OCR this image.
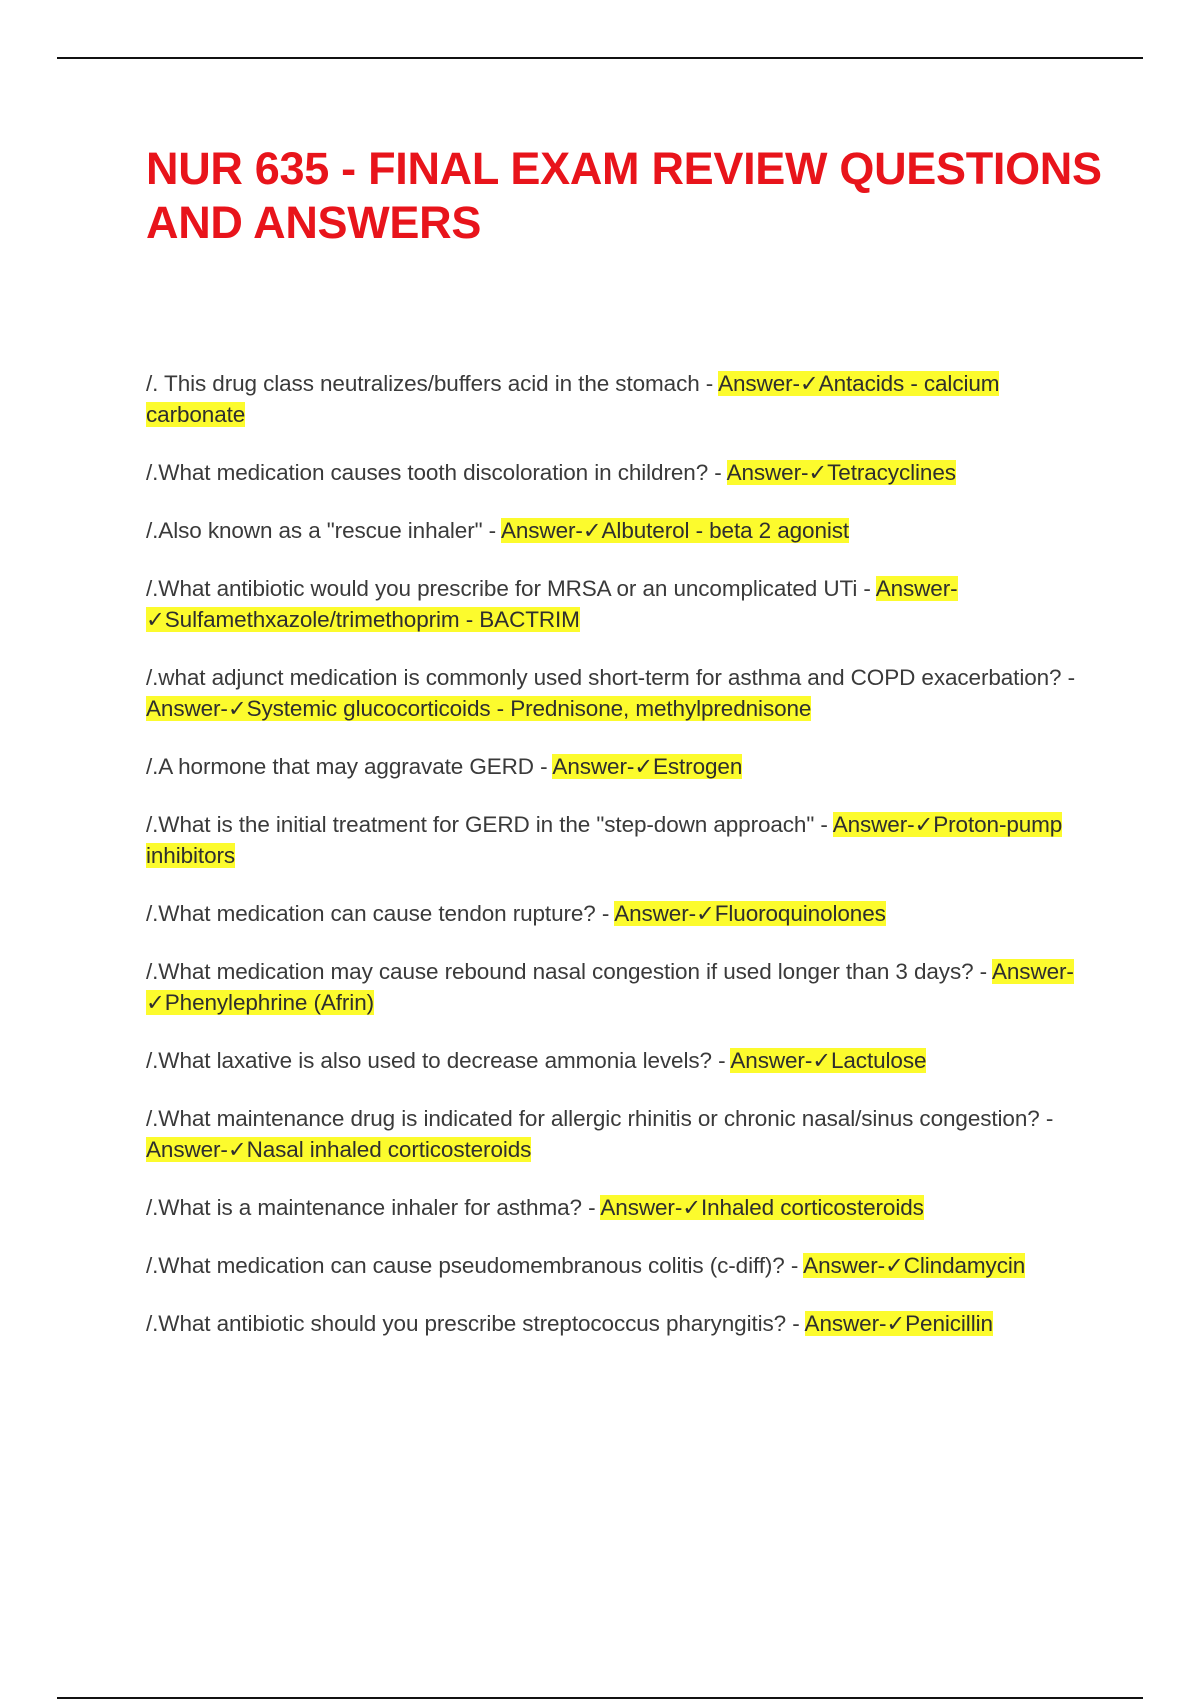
NUR 635 - FINAL EXAM REVIEW QUESTIONS AND ANSWERS
/. This drug class neutralizes/buffers acid in the stomach - Answer-✓Antacids - calcium carbonate
/.What medication causes tooth discoloration in children? - Answer-✓Tetracyclines
/.Also known as a "rescue inhaler" - Answer-✓Albuterol - beta 2 agonist
/.What antibiotic would you prescribe for MRSA or an uncomplicated UTi - Answer-✓Sulfamethxazole/trimethoprim - BACTRIM
/.what adjunct medication is commonly used short-term for asthma and COPD exacerbation? - Answer-✓Systemic glucocorticoids - Prednisone, methylprednisone
/.A hormone that may aggravate GERD - Answer-✓Estrogen
/.What is the initial treatment for GERD in the "step-down approach" - Answer-✓Proton-pump inhibitors
/.What medication can cause tendon rupture? - Answer-✓Fluoroquinolones
/.What medication may cause rebound nasal congestion if used longer than 3 days? - Answer-✓Phenylephrine (Afrin)
/.What laxative is also used to decrease ammonia levels? - Answer-✓Lactulose
/.What maintenance drug is indicated for allergic rhinitis or chronic nasal/sinus congestion? - Answer-✓Nasal inhaled corticosteroids
/.What is a maintenance inhaler for asthma? - Answer-✓Inhaled corticosteroids
/.What medication can cause pseudomembranous colitis (c-diff)? - Answer-✓Clindamycin
/.What antibiotic should you prescribe streptococcus pharyngitis? - Answer-✓Penicillin
